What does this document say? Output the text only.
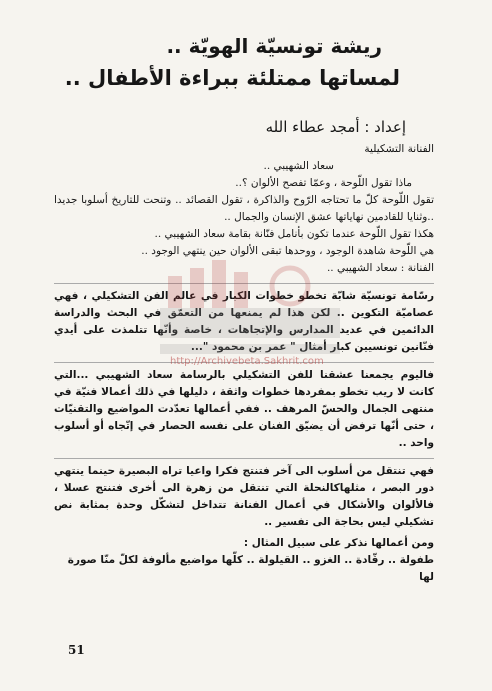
ريشة تونسيّة الهويّة ..
لمساتها ممتلئة ببراءة الأطفال ..
إعداد : أمجد عطاء الله

الفنانة التشكيلية

سعاد الشهيبي ..

ماذا تقول اللّوحة ، وعمّا تفصح الألوان ؟..

تقول اللّوحة كلّ ما تحتاجه الرّوح والذاكرة ، تقول القصائد .. وتنحت للتاريخ أسلوبا جديدا ..وثنايا للقادمين نهاياتها عشق الإنسان والجمال ..

هكذا تقول اللّوحة عندما تكون بأنامل فنّانة بقامة سعاد الشهيبي ..

هي اللّوحة شاهدة الوجود ، ووحدها تبقى الألوان حين ينتهي الوجود ..

الفنانة : سعاد الشهيبي ..

رسّامة تونسيّة شابّة تخطو خطوات الكبار في عالم الفن التشكيلي ، فهي عصاميّة التكوين .. لكن هذا لم يمنعها من التعمّق في البحث والدراسة الدائمين في عديد المدارس والإتجاهات ، خاصة وأنّها تتلمذت على أيدي فنّانين تونسيين كبار أمثال " عمر بن محمود "...

فاليوم يجمعنا عشقنا للفن التشكيلي بالرسامة سعاد الشهيبي ...التي كانت لا ريب تخطو بمفردها خطوات واثقة ، دليلها في ذلك أعمالا فنيّة في منتهى الجمال والحسّ المرهف .. ففي أعمالها تعدّدت المواضيع والتقنيّات ، حتى أنّها ترفض أن يضيّق الفنان على نفسه الحصار في إتّجاه أو أسلوب واحد ..

فهي تنتقل من أسلوب الى آخر فتنتج فكرا واعيا تراه البصيرة حينما ينتهي دور البصر ، مثلهاكالنحلة التي تنتقل من زهرة الى أخرى فتنتج عسلا ، فالألوان والأشكال في أعمال الفنانة تتداخل لتشكّل وحدة بمثابة نص تشكيلي ليس بحاجة الى تفسير ..

ومن أعمالها نذكر على سبيل المثال :

طفولة .. رقّادة .. الغزو .. القيلولة .. كلّها مواضيع مألوفة لكلّ منّا صورة لها

http://Archivebeta.Sakhrit.com
51
